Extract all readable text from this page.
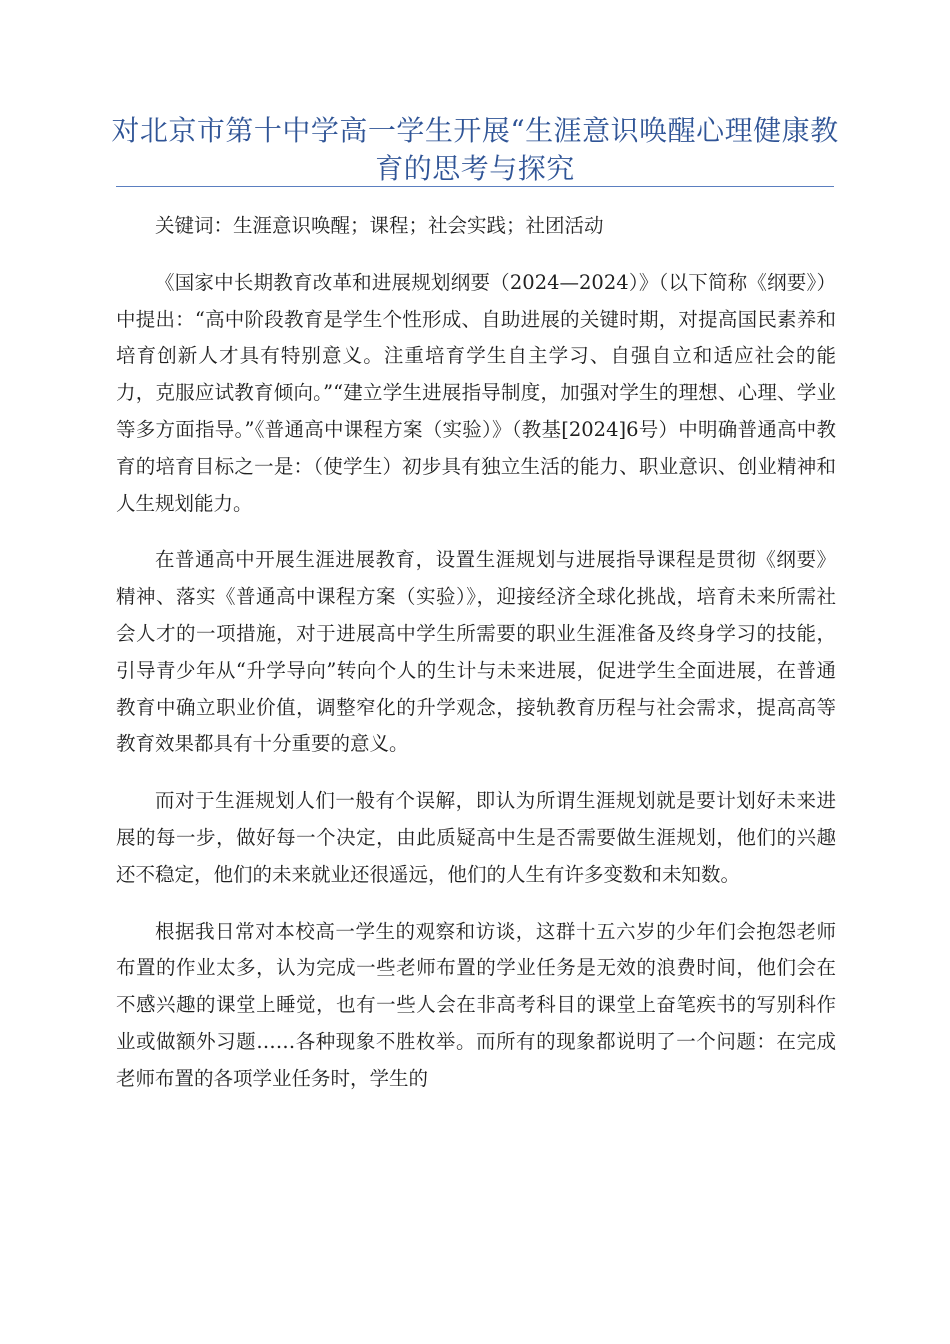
对北京市第十中学高一学生开展“生涯意识唤醒心理健康教育的思考与探究

关键词：生涯意识唤醒；课程；社会实践；社团活动

《国家中长期教育改革和进展规划纲要（2024—2024）》（以下简称《纲要》）中提出：“高中阶段教育是学生个性形成、自助进展的关键时期，对提高国民素养和培育创新人才具有特别意义。注重培育学生自主学习、自强自立和适应社会的能力，克服应试教育倾向。”“建立学生进展指导制度，加强对学生的理想、心理、学业等多方面指导。”《普通高中课程方案（实验）》（教基[2024]6号）中明确普通高中教育的培育目标之一是：（使学生）初步具有独立生活的能力、职业意识、创业精神和人生规划能力。

在普通高中开展生涯进展教育，设置生涯规划与进展指导课程是贯彻《纲要》精神、落实《普通高中课程方案（实验）》，迎接经济全球化挑战，培育未来所需社会人才的一项措施，对于进展高中学生所需要的职业生涯准备及终身学习的技能，引导青少年从“升学导向”转向个人的生计与未来进展，促进学生全面进展，在普通教育中确立职业价值，调整窄化的升学观念，接轨教育历程与社会需求，提高高等教育效果都具有十分重要的意义。

而对于生涯规划人们一般有个误解，即认为所谓生涯规划就是要计划好未来进展的每一步，做好每一个决定，由此质疑高中生是否需要做生涯规划，他们的兴趣还不稳定，他们的未来就业还很遥远，他们的人生有许多变数和未知数。

根据我日常对本校高一学生的观察和访谈，这群十五六岁的少年们会抱怨老师布置的作业太多，认为完成一些老师布置的学业任务是无效的浪费时间，他们会在不感兴趣的课堂上睡觉，也有一些人会在非高考科目的课堂上奋笔疾书的写别科作业或做额外习题……各种现象不胜枚举。而所有的现象都说明了一个问题：在完成老师布置的各项学业任务时，学生的
